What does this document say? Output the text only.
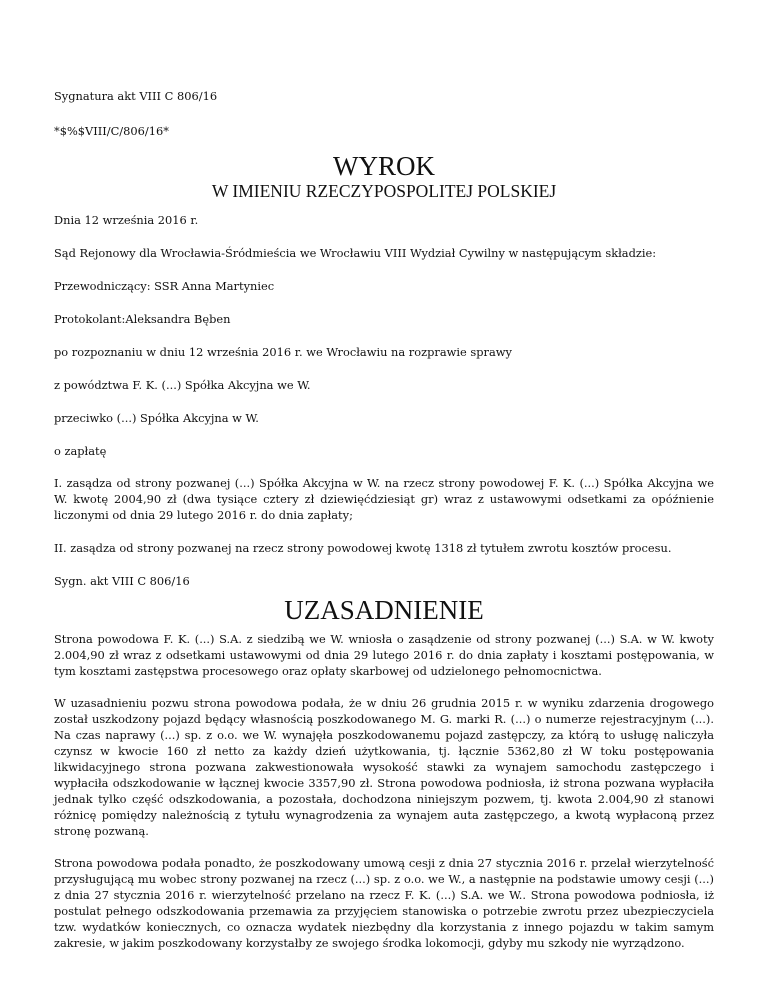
Sygnatura akt VIII C 806/16

*$%$VIII/C/806/16*

WYROK
W IMIENIU RZECZYPOSPOLITEJ POLSKIEJ

Dnia 12 września 2016 r.

Sąd Rejonowy dla Wrocławia-Śródmieścia we Wrocławiu VIII Wydział Cywilny w następującym składzie:

Przewodniczący: SSR Anna Martyniec

Protokolant:Aleksandra Bęben

po rozpoznaniu w dniu 12 września 2016 r. we Wrocławiu na rozprawie sprawy

z powództwa F. K. (...) Spółka Akcyjna we W.

przeciwko (...) Spółka Akcyjna w W.

o zapłatę

I. zasądza od strony pozwanej (...) Spółka Akcyjna w W. na rzecz strony powodowej F. K. (...) Spółka Akcyjna we W. kwotę 2004,90 zł (dwa tysiące cztery zł dziewięćdziesiąt gr) wraz z ustawowymi odsetkami za opóźnienie liczonymi od dnia 29 lutego 2016 r. do dnia zapłaty;

II. zasądza od strony pozwanej na rzecz strony powodowej kwotę 1318 zł tytułem zwrotu kosztów procesu.

Sygn. akt VIII C 806/16

UZASADNIENIE

Strona powodowa F. K. (...) S.A. z siedzibą we W. wniosła o zasądzenie od strony pozwanej (...) S.A. w W. kwoty 2.004,90 zł wraz z odsetkami ustawowymi od dnia 29 lutego 2016 r. do dnia zapłaty i kosztami postępowania, w tym kosztami zastępstwa procesowego oraz opłaty skarbowej od udzielonego pełnomocnictwa.

W uzasadnieniu pozwu strona powodowa podała, że w dniu 26 grudnia 2015 r. w wyniku zdarzenia drogowego został uszkodzony pojazd będący własnością poszkodowanego M. G. marki R. (...) o numerze rejestracyjnym (...). Na czas naprawy (...) sp. z o.o. we W. wynajęła poszkodowanemu pojazd zastępczy, za którą to usługę naliczyła czynsz w kwocie 160 zł netto za każdy dzień użytkowania, tj. łącznie 5362,80 zł W toku postępowania likwidacyjnego strona pozwana zakwestionowała wysokość stawki za wynajem samochodu zastępczego i wypłaciła odszkodowanie w łącznej kwocie 3357,90 zł. Strona powodowa podniosła, iż strona pozwana wypłaciła jednak tylko część odszkodowania, a pozostała, dochodzona niniejszym pozwem, tj. kwota 2.004,90 zł stanowi różnicę pomiędzy należnością z tytułu wynagrodzenia za wynajem auta zastępczego, a kwotą wypłaconą przez stronę pozwaną.

Strona powodowa podała ponadto, że poszkodowany umową cesji z dnia 27 stycznia 2016 r. przelał wierzytelność przysługującą mu wobec strony pozwanej na rzecz (...) sp. z o.o. we W., a następnie na podstawie umowy cesji (...) z dnia 27 stycznia 2016 r. wierzytelność przelano na rzecz F. K. (...) S.A. we W.. Strona powodowa podniosła, iż postulat pełnego odszkodowania przemawia za przyjęciem stanowiska o potrzebie zwrotu przez ubezpieczyciela tzw. wydatków koniecznych, co oznacza wydatek niezbędny dla korzystania z innego pojazdu w takim samym zakresie, w jakim poszkodowany korzystałby ze swojego środka lokomocji, gdyby mu szkody nie wyrządzono.
